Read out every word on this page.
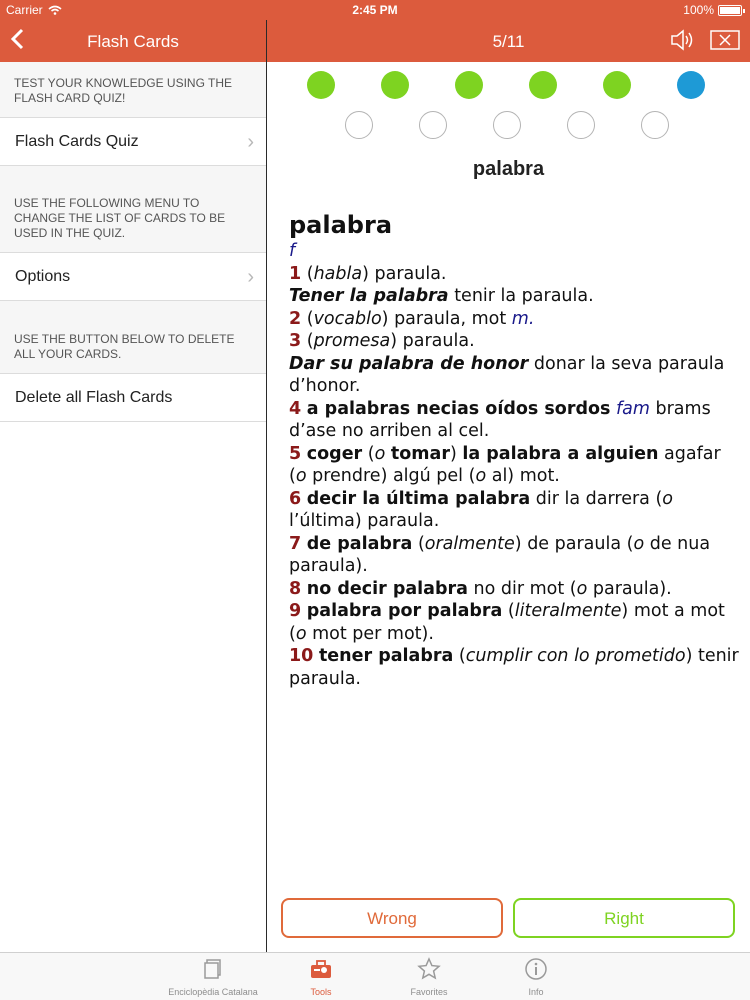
Carrier	2:45 PM	100%
Flash Cards	5/11
TEST YOUR KNOWLEDGE USING THE FLASH CARD QUIZ!
Flash Cards Quiz	›
USE THE FOLLOWING MENU TO CHANGE THE LIST OF CARDS TO BE USED IN THE QUIZ.
Options	›
USE THE BUTTON BELOW TO DELETE ALL YOUR CARDS.
Delete all Flash Cards
palabra
palabra
f
1 (habla) paraula.
Tener la palabra tenir la paraula.
2 (vocablo) paraula, mot m.
3 (promesa) paraula.
Dar su palabra de honor donar la seva paraula d’honor.
4 a palabras necias oídos sordos fam brams d’ase no arriben al cel.
5 coger (o tomar) la palabra a alguien agafar (o prendre) algú pel (o al) mot.
6 decir la última palabra dir la darrera (o l’última) paraula.
7 de palabra (oralmente) de paraula (o de nua paraula).
8 no decir palabra no dir mot (o paraula).
9 palabra por palabra (literalmente) mot a mot (o mot per mot).
10 tener palabra (cumplir con lo prometido) tenir paraula.
Wrong	Right
Enciclopèdia Catalana	Tools	Favorites	Info
